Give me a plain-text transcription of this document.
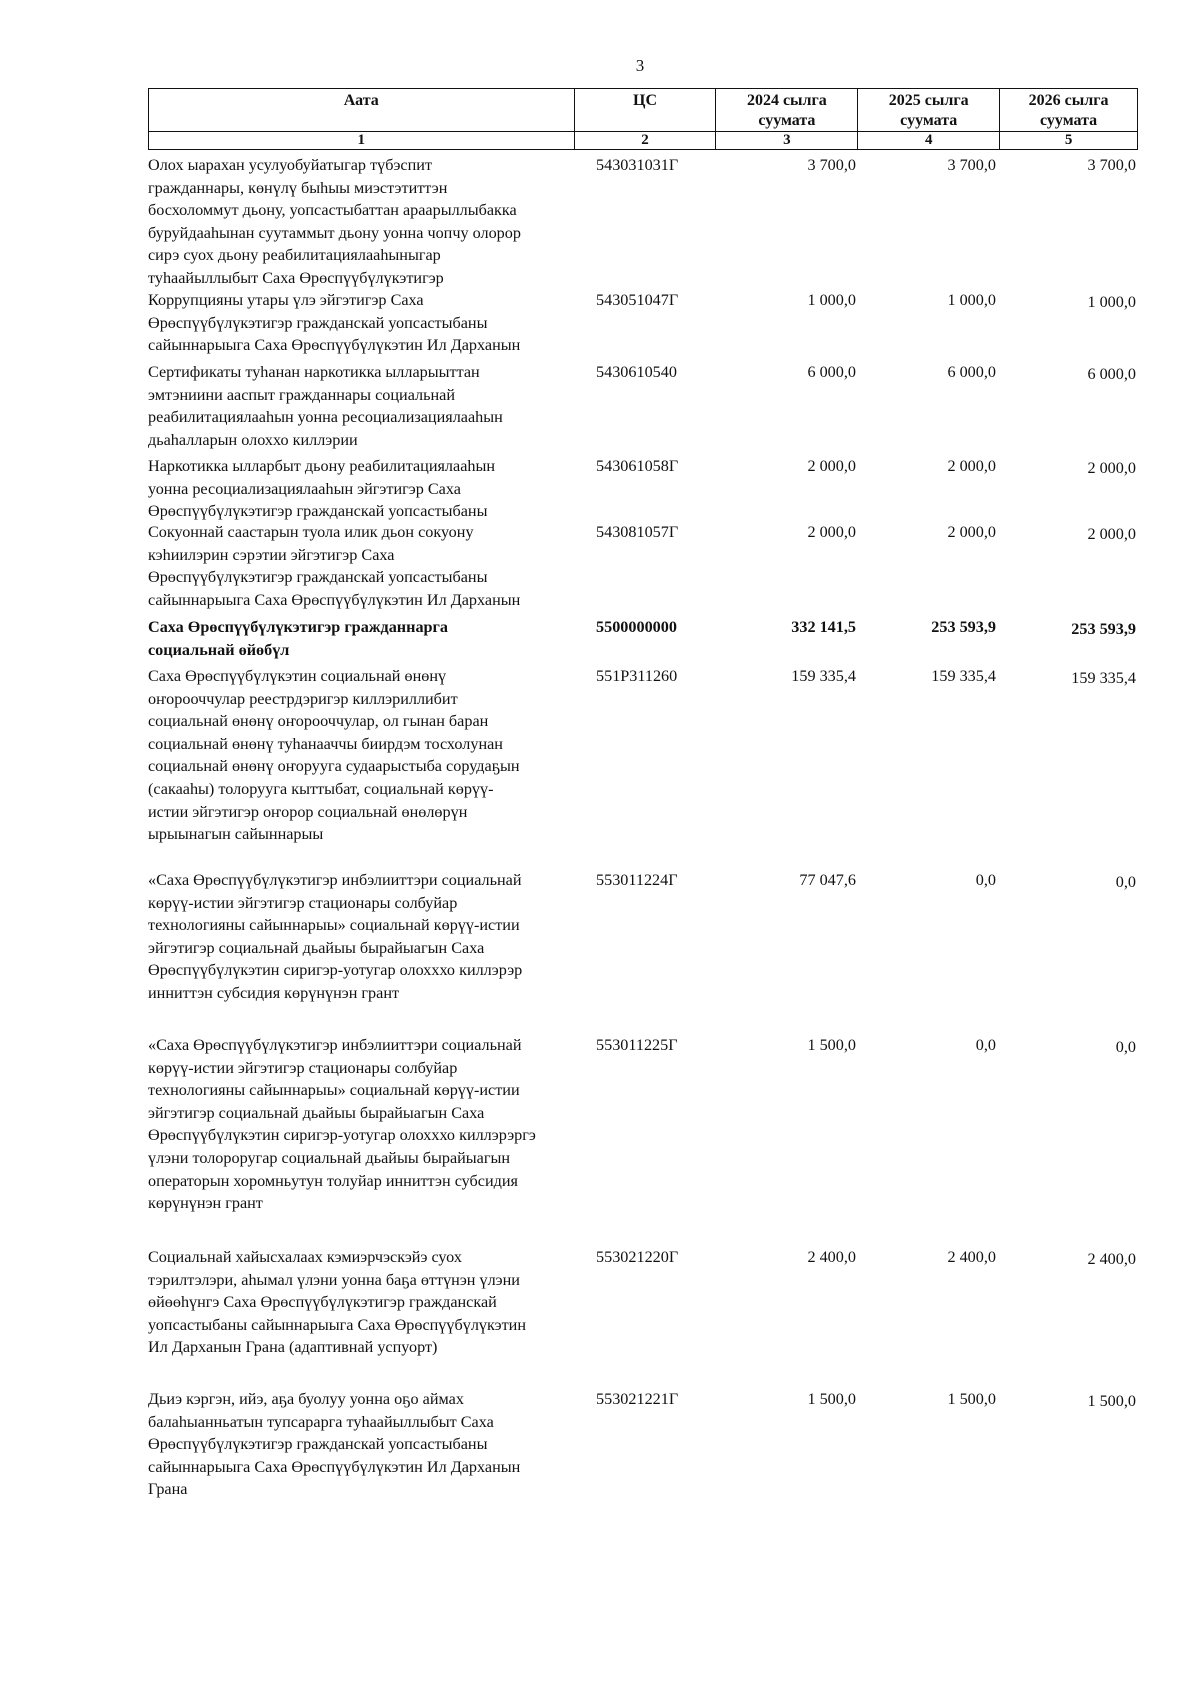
3
Аата	ЦС	2024 сылга суумата	2025 сылга суумата	2026 сылга суумата
1	2	3	4	5
Олох ыарахан усулуобуйатыгар түбэспит
гражданнары, көнүлү быһыы миэстэтиттэн
босхоломмут дьону, уопсастыбаттан араарыллыбакка
буруйдааһынан суутаммыт дьону уонна чопчу олорор
сирэ суох дьону реабилитациялааһыныгар
туһаайыллыбыт Саха Өрөспүүбүлүкэтигэр

543031031Г	3 700,0	3 700,0	3 700,0
Коррупцияны утары үлэ эйгэтигэр Саха
Өрөспүүбүлүкэтигэр гражданскай уопсастыбаны
сайыннарыыга Саха Өрөспүүбүлүкэтин Ил Дарханын
543051047Г	1 000,0	1 000,0	1 000,0
Сертификаты туһанан наркотикка ылларыыттан
эмтэниини ааспыт гражданнары социальнай
реабилитациялааһын уонна ресоциализациялааһын
дьаһалларын олоххо киллэрии
5430610540	6 000,0	6 000,0	6 000,0
Наркотикка ылларбыт дьону реабилитациялааһын
уонна ресоциализациялааһын эйгэтигэр Саха
Өрөспүүбүлүкэтигэр гражданскай уопсастыбаны
543061058Г	2 000,0	2 000,0	2 000,0
Сокуоннай саастарын туола илик дьон сокуону
кэһиилэрин сэрэтии эйгэтигэр Саха
Өрөспүүбүлүкэтигэр гражданскай уопсастыбаны
сайыннарыыга Саха Өрөспүүбүлүкэтин Ил Дарханын
543081057Г	2 000,0	2 000,0	2 000,0
Саха Өрөспүүбүлүкэтигэр гражданнарга
социальнай өйөбүл
5500000000	332 141,5	253 593,9	253 593,9
Саха Өрөспүүбүлүкэтин социальнай өнөнү
оҥорооччулар реестрдэригэр киллэриллибит
социальнай өнөнү оҥорооччулар, ол гынан баран
социальнай өнөнү туһанааччы биирдэм тосхолунан
социальнай өнөнү оҥорууга судаарыстыба сорудаҕын
(сакааһы) толорууга кыттыбат, социальнай көрүү-
истии эйгэтигэр оҥорор социальнай өнөлөрүн
ырыынагын сайыннарыы
551P311260	159 335,4	159 335,4	159 335,4
«Саха Өрөспүүбүлүкэтигэр инбэлииттэри социальнай
көрүү-истии эйгэтигэр стационары солбуйар
технологияны сайыннарыы» социальнай көрүү-истии
эйгэтигэр социальнай дьайыы бырайыагын Саха
Өрөспүүбүлүкэтин сиригэр-уотугар олохххо киллэрэр
инниттэн субсидия көрүнүнэн грант
553011224Г	77 047,6	0,0	0,0
«Саха Өрөспүүбүлүкэтигэр инбэлииттэри социальнай
көрүү-истии эйгэтигэр стационары солбуйар
технологияны сайыннарыы» социальнай көрүү-истии
эйгэтигэр социальнай дьайыы бырайыагын Саха
Өрөспүүбүлүкэтин сиригэр-уотугар олохххо киллэрэргэ
үлэни толороругар социальнай дьайыы бырайыагын
операторын хоромньутун толуйар инниттэн субсидия
көрүнүнэн грант
553011225Г	1 500,0	0,0	0,0
Социальнай хайысхалаах кэмиэрчэскэйэ суох
тэрилтэлэри, аһымал үлэни уонна баҕа өттүнэн үлэни
өйөөһүнгэ Саха Өрөспүүбүлүкэтигэр гражданскай
уопсастыбаны сайыннарыыга Саха Өрөспүүбүлүкэтин
Ил Дарханын Грана (адаптивнай успуорт)
553021220Г	2 400,0	2 400,0	2 400,0
Дьиэ кэргэн, ийэ, аҕа буолуу уонна оҕо аймах
балаһыанньатын тупсарарга туһаайыллыбыт Саха
Өрөспүүбүлүкэтигэр гражданскай уопсастыбаны
сайыннарыыга Саха Өрөспүүбүлүкэтин Ил Дарханын
Грана
553021221Г	1 500,0	1 500,0	1 500,0
